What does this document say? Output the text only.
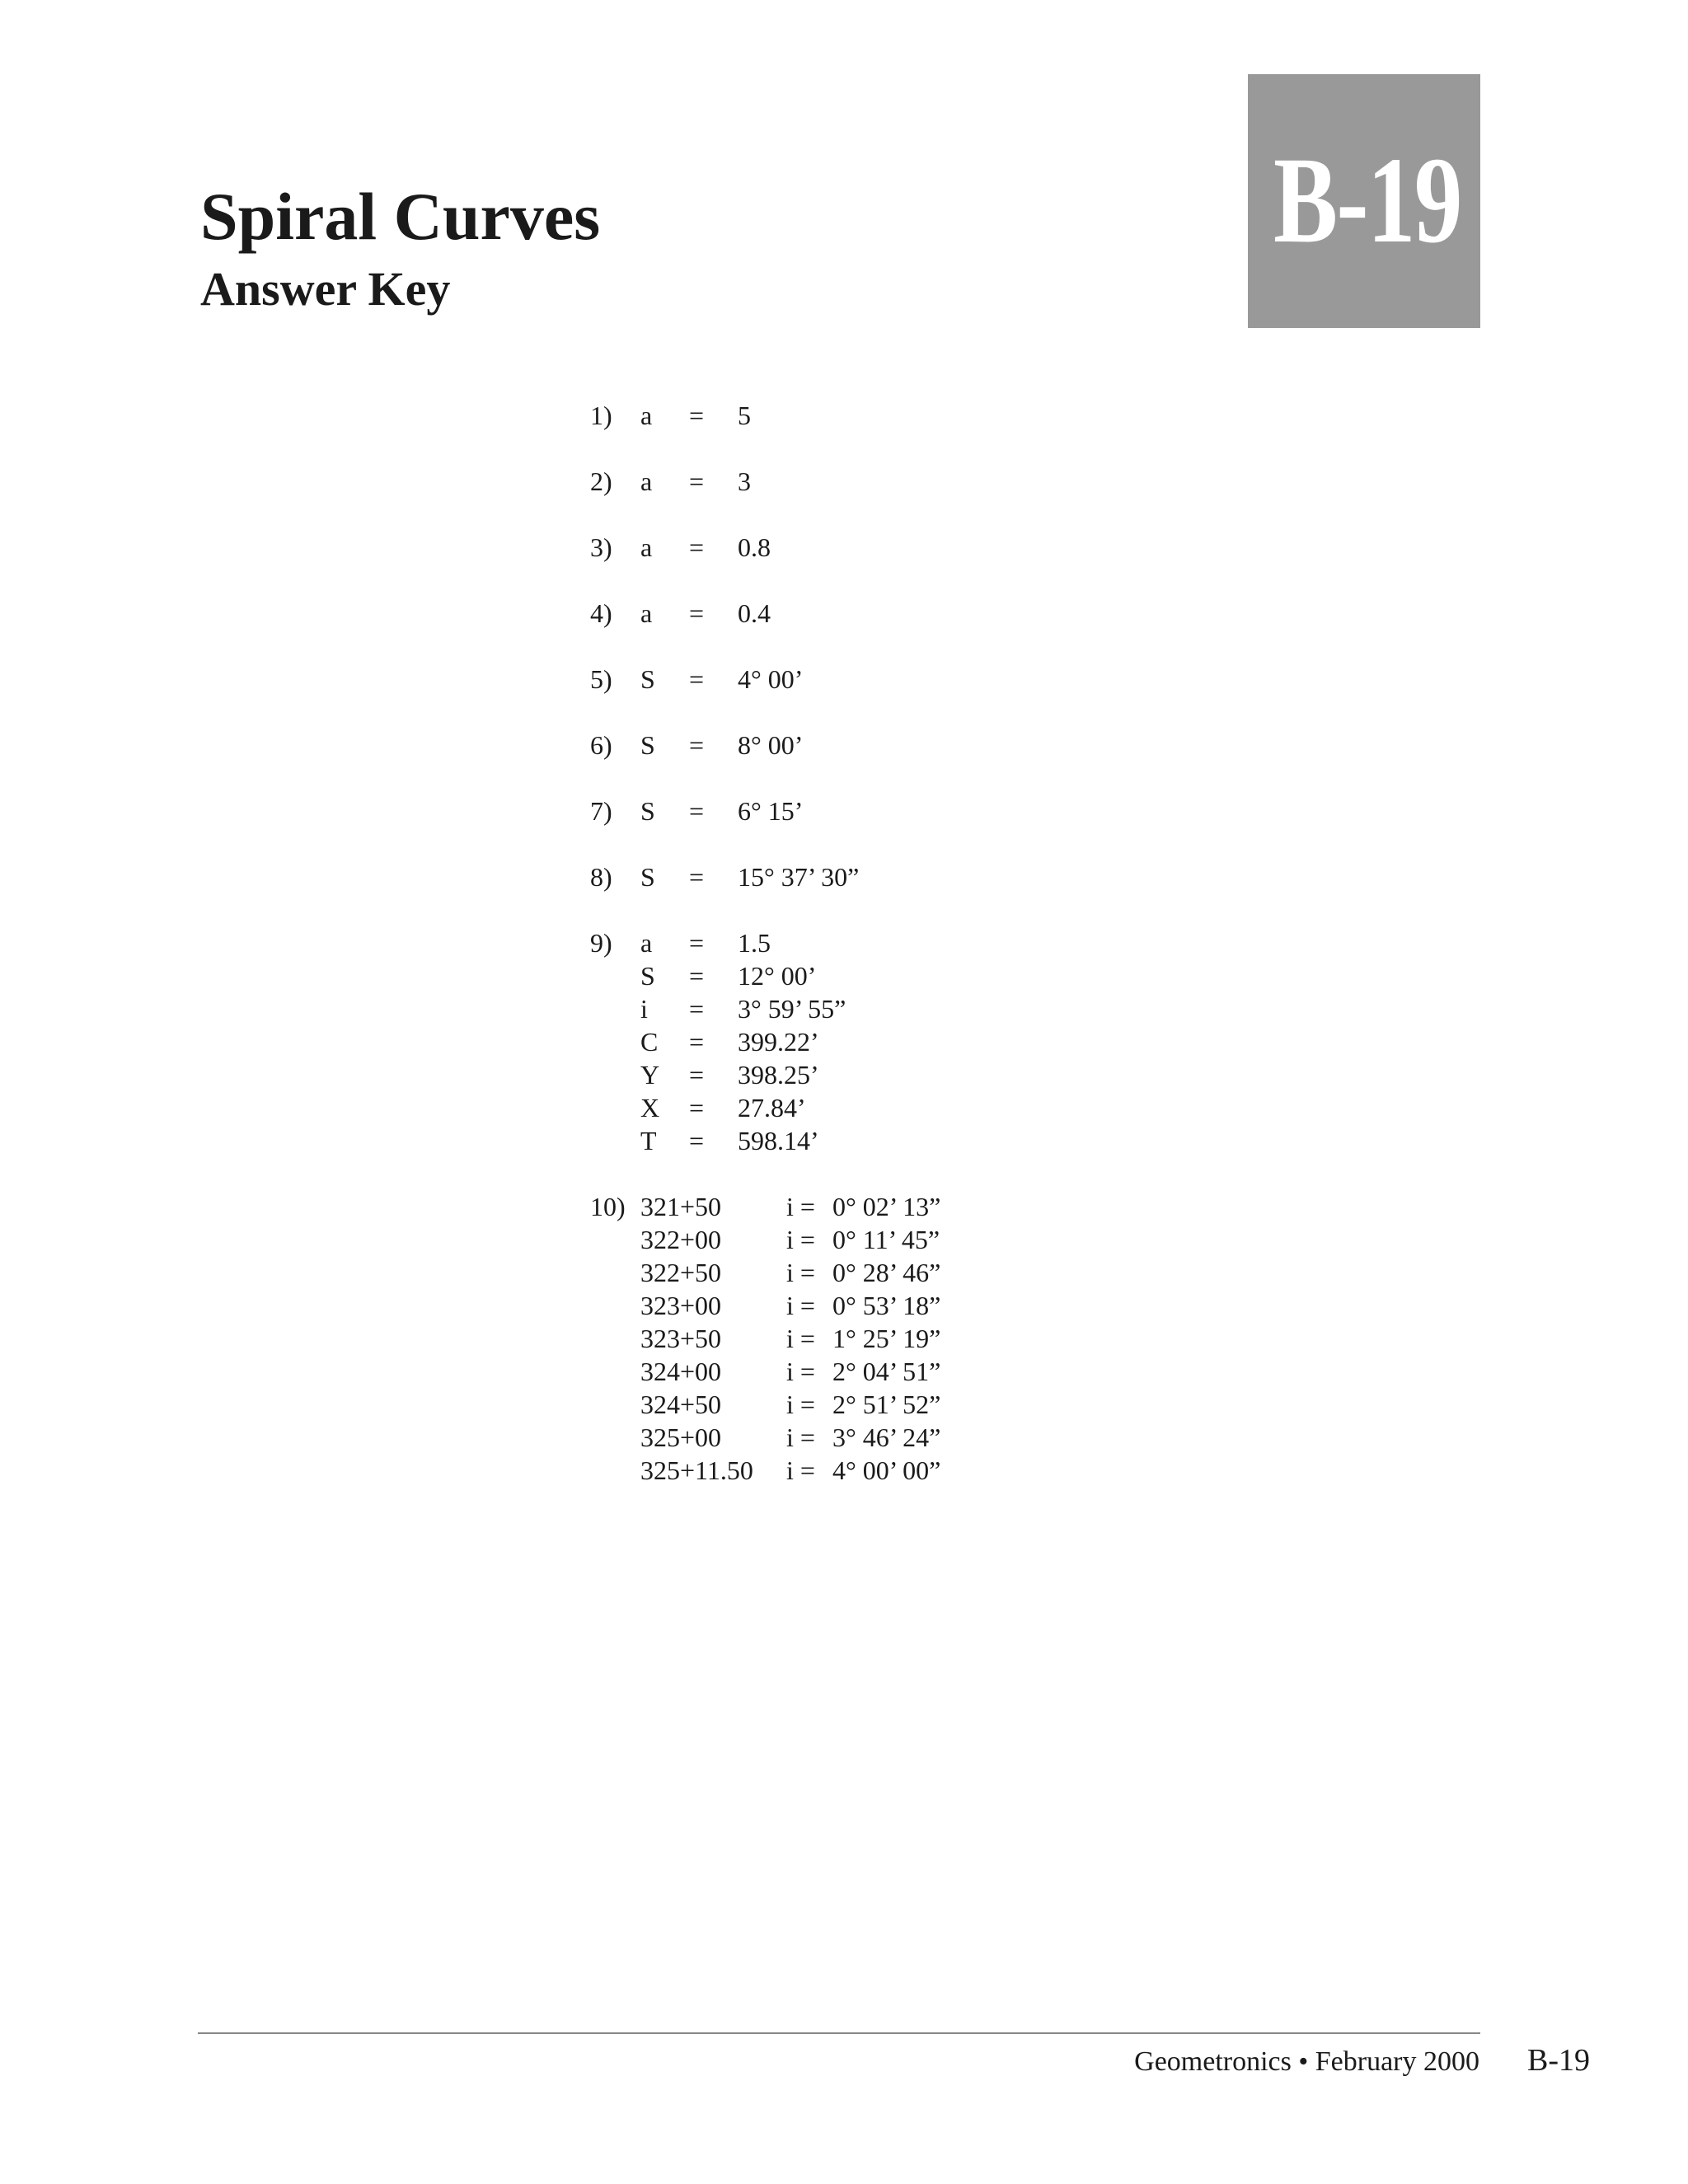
Spiral Curves
Answer Key
B-19
1) a = 5
2) a = 3
3) a = 0.8
4) a = 0.4
5) S = 4° 00’
6) S = 8° 00’
7) S = 6° 15’
8) S = 15° 37’ 30”
9) a = 1.5
S = 12° 00’
i = 3° 59’ 55”
C = 399.22’
Y = 398.25’
X = 27.84’
T = 598.14’
10) 321+50 i = 0° 02’ 13”
322+00 i = 0° 11’ 45”
322+50 i = 0° 28’ 46”
323+00 i = 0° 53’ 18”
323+50 i = 1° 25’ 19”
324+00 i = 2° 04’ 51”
324+50 i = 2° 51’ 52”
325+00 i = 3° 46’ 24”
325+11.50 i = 4° 00’ 00”
Geometronics • February 2000 B-19
